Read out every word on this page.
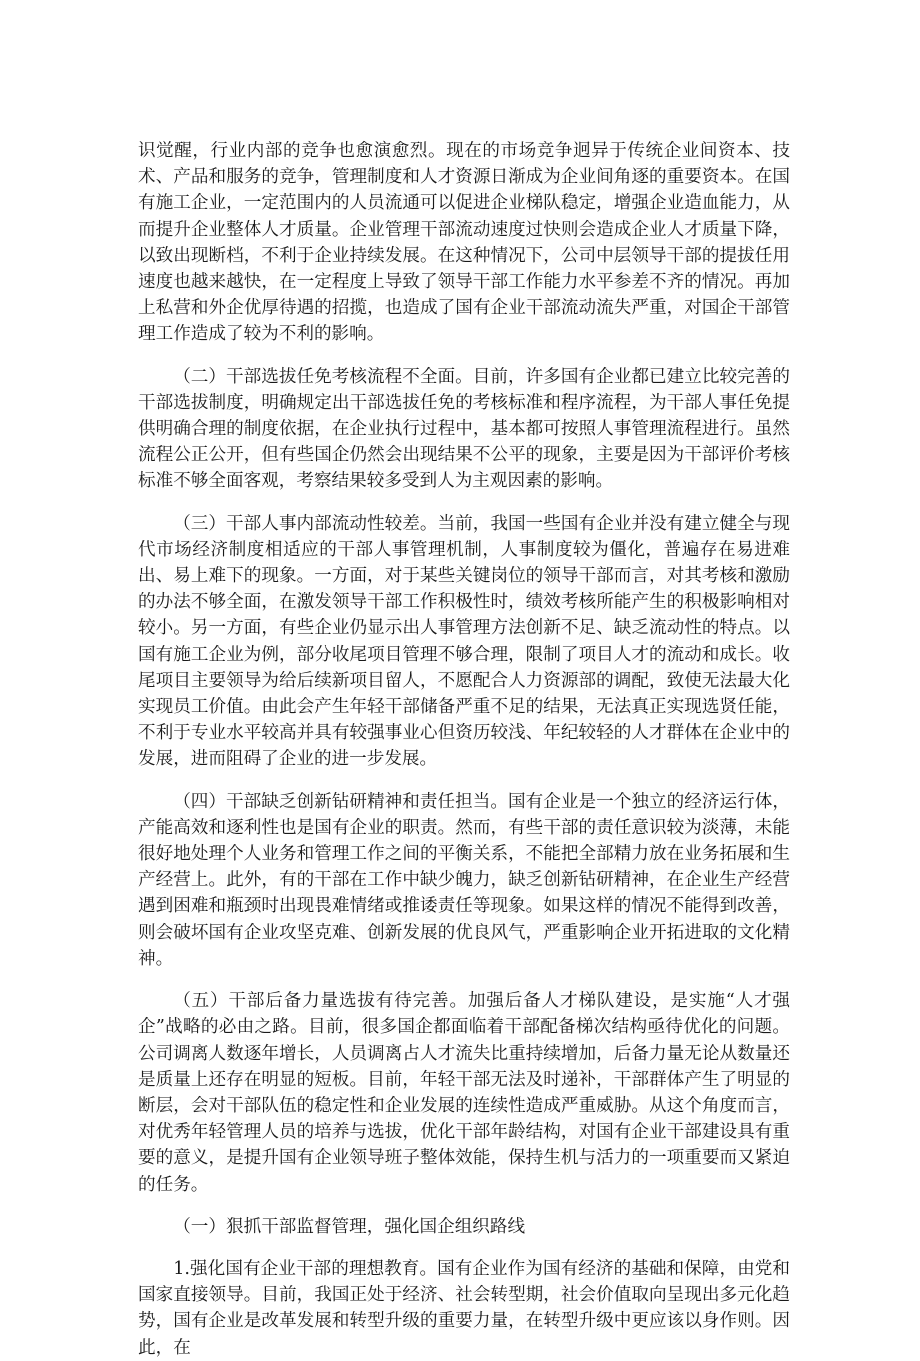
识觉醒，行业内部的竞争也愈演愈烈。现在的市场竞争迥异于传统企业间资本、技术、产品和服务的竞争，管理制度和人才资源日渐成为企业间角逐的重要资本。在国有施工企业，一定范围内的人员流通可以促进企业梯队稳定，增强企业造血能力，从而提升企业整体人才质量。企业管理干部流动速度过快则会造成企业人才质量下降，以致出现断档，不利于企业持续发展。在这种情况下，公司中层领导干部的提拔任用速度也越来越快，在一定程度上导致了领导干部工作能力水平参差不齐的情况。再加上私营和外企优厚待遇的招揽，也造成了国有企业干部流动流失严重，对国企干部管理工作造成了较为不利的影响。

（二）干部选拔任免考核流程不全面。目前，许多国有企业都已建立比较完善的干部选拔制度，明确规定出干部选拔任免的考核标准和程序流程，为干部人事任免提供明确合理的制度依据，在企业执行过程中，基本都可按照人事管理流程进行。虽然流程公正公开，但有些国企仍然会出现结果不公平的现象，主要是因为干部评价考核标准不够全面客观，考察结果较多受到人为主观因素的影响。

（三）干部人事内部流动性较差。当前，我国一些国有企业并没有建立健全与现代市场经济制度相适应的干部人事管理机制，人事制度较为僵化，普遍存在易进难出、易上难下的现象。一方面，对于某些关键岗位的领导干部而言，对其考核和激励的办法不够全面，在激发领导干部工作积极性时，绩效考核所能产生的积极影响相对较小。另一方面，有些企业仍显示出人事管理方法创新不足、缺乏流动性的特点。以国有施工企业为例，部分收尾项目管理不够合理，限制了项目人才的流动和成长。收尾项目主要领导为给后续新项目留人，不愿配合人力资源部的调配，致使无法最大化实现员工价值。由此会产生年轻干部储备严重不足的结果，无法真正实现选贤任能，不利于专业水平较高并具有较强事业心但资历较浅、年纪较轻的人才群体在企业中的发展，进而阻碍了企业的进一步发展。

（四）干部缺乏创新钻研精神和责任担当。国有企业是一个独立的经济运行体，产能高效和逐利性也是国有企业的职责。然而，有些干部的责任意识较为淡薄，未能很好地处理个人业务和管理工作之间的平衡关系，不能把全部精力放在业务拓展和生产经营上。此外，有的干部在工作中缺少魄力，缺乏创新钻研精神，在企业生产经营遇到困难和瓶颈时出现畏难情绪或推诿责任等现象。如果这样的情况不能得到改善，则会破坏国有企业攻坚克难、创新发展的优良风气，严重影响企业开拓进取的文化精神。

（五）干部后备力量选拔有待完善。加强后备人才梯队建设，是实施“人才强企”战略的必由之路。目前，很多国企都面临着干部配备梯次结构亟待优化的问题。公司调离人数逐年增长，人员调离占人才流失比重持续增加，后备力量无论从数量还是质量上还存在明显的短板。目前，年轻干部无法及时递补，干部群体产生了明显的断层，会对干部队伍的稳定性和企业发展的连续性造成严重威胁。从这个角度而言，对优秀年轻管理人员的培养与选拔，优化干部年龄结构，对国有企业干部建设具有重要的意义，是提升国有企业领导班子整体效能，保持生机与活力的一项重要而又紧迫的任务。

（一）狠抓干部监督管理，强化国企组织路线

1.强化国有企业干部的理想教育。国有企业作为国有经济的基础和保障，由党和国家直接领导。目前，我国正处于经济、社会转型期，社会价值取向呈现出多元化趋势，国有企业是改革发展和转型升级的重要力量，在转型升级中更应该以身作则。因此，在
